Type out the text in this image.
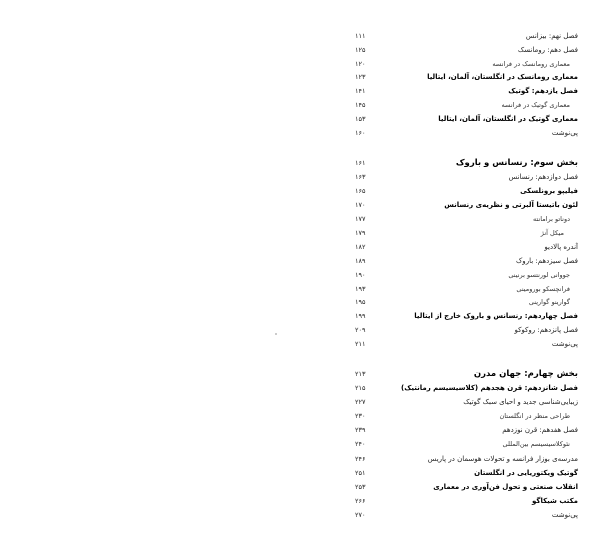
۱۱۱	فصل نهم: بیزانس
۱۲۵	فصل دهم: رومانسک
۱۲۰	معماری رومانسک در فرانسه
۱۲۳	معماری رومانسک در انگلستان، آلمان، ایتالیا
۱۴۱	فصل یازدهم: گوتیک
۱۴۵	معماری گوتیک در فرانسه
۱۵۳	معماری گوتیک در انگلستان، آلمان، ایتالیا
۱۶۰	پی‌نوشت
۱۶۱	بخش سوم: رنسانس و باروک
۱۶۳	فصل دوازدهم: رنسانس
۱۶۵	فیلیپو برونلسکی
۱۷۰	لئون باتیستا آلبرتی و نظریه‌ی رنسانس
۱۷۷	دوناتو برامانته
۱۷۹	میکل آنژ
۱۸۲	آندره پالادیو
۱۸۹	فصل سیزدهم: باروک
۱۹۰	جووانی لورنتسو برنینی
۱۹۳	فرانچسکو بورومینی
۱۹۵	گوارینو گوارینی
۱۹۹	فصل چهاردهم: رنسانس و باروک خارج از ایتالیا
۲۰۹	فصل پانزدهم: روکوکو
۲۱۱	پی‌نوشت
۲۱۳	بخش چهارم: جهان مدرن
۲۱۵	فصل شانزدهم: قرن هجدهم (کلاسیسیسم رمانتیک)
۲۲۷	زیبایی‌شناسی جدید و احیای سبک گوتیک
۲۳۰	طراحی منظر در انگلستان
۲۳۹	فصل هفدهم: قرن نوزدهم
۲۴۰	نئوکلاسیسیسم بین‌المللی
۲۴۶	مدرسه‌ی بوزار فرانسه و تحولات هوسمان در پاریس
۲۵۱	گوتیک ویکتوریایی در انگلستان
۲۵۳	انقلاب صنعتی و تحول فن‌آوری در معماری
۲۶۶	مکتب شیکاگو
۲۷۰	پی‌نوشت
